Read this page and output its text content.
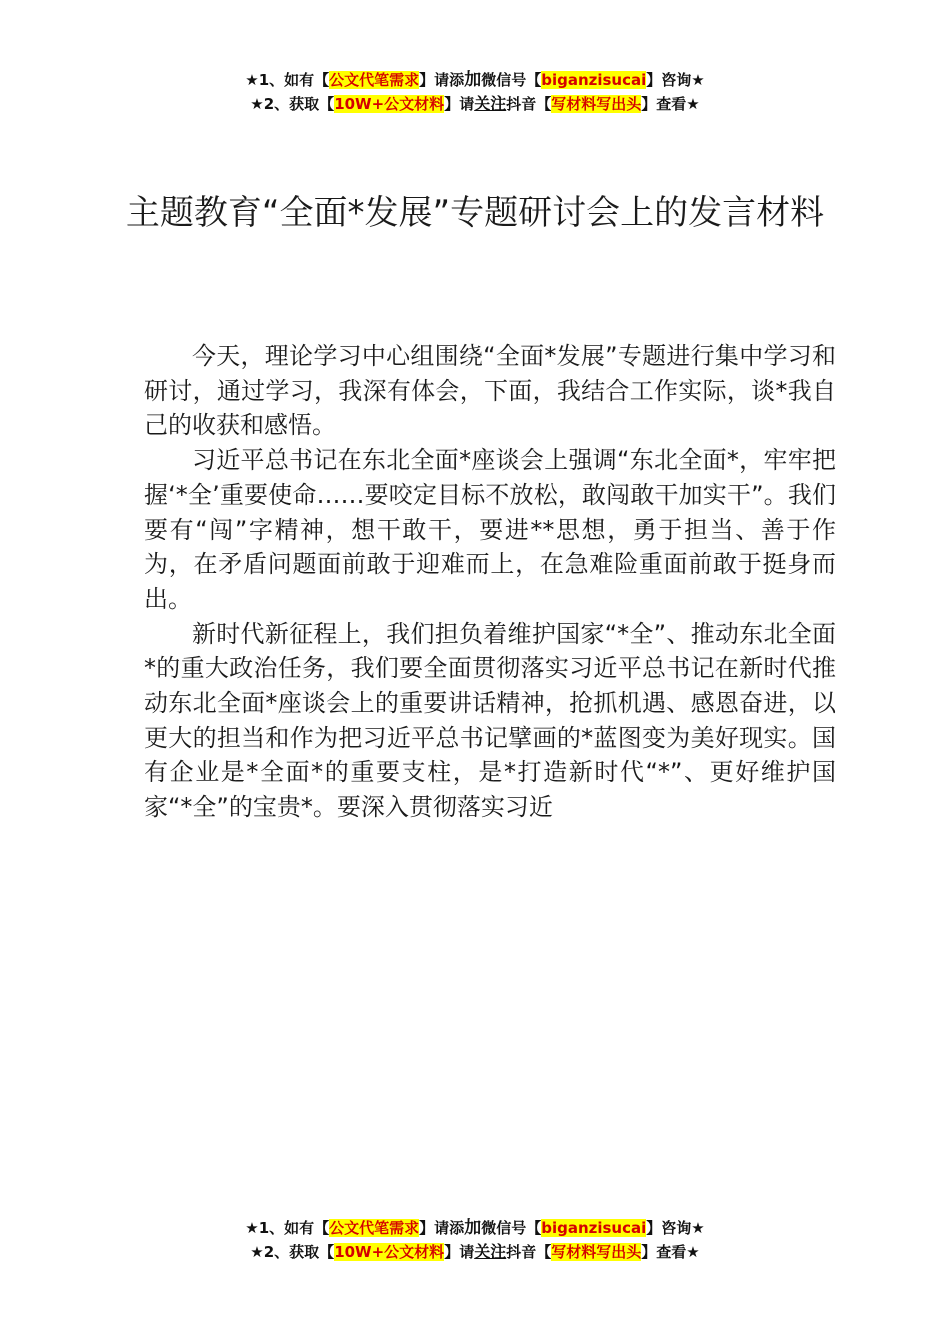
★1、如有【公文代笔需求】请添加微信号【biganzisucai】咨询★
★2、获取【10W+公文材料】请关注抖音【写材料写出头】查看★
主题教育“全面*发展”专题研讨会上的发言材料

今天，理论学习中心组围绕“全面*发展”专题进行集中学习和研讨，通过学习，我深有体会，下面，我结合工作实际，谈*我自己的收获和感悟。

习近平总书记在东北全面*座谈会上强调“东北全面*，牢牢把握‘*全’重要使命……要咬定目标不放松，敢闯敢干加实干”。我们要有“闯”字精神，想干敢干，要进**思想，勇于担当、善于作为，在矛盾问题面前敢于迎难而上，在急难险重面前敢于挺身而出。

新时代新征程上，我们担负着维护国家“*全”、推动东北全面*的重大政治任务，我们要全面贯彻落实习近平总书记在新时代推动东北全面*座谈会上的重要讲话精神，抢抓机遇、感恩奋进，以更大的担当和作为把习近平总书记擘画的*蓝图变为美好现实。国有企业是*全面*的重要支柱，是*打造新时代“*”、更好维护国家“*全”的宝贵*。要深入贯彻落实习近

★1、如有【公文代笔需求】请添加微信号【biganzisucai】咨询★
★2、获取【10W+公文材料】请关注抖音【写材料写出头】查看★
